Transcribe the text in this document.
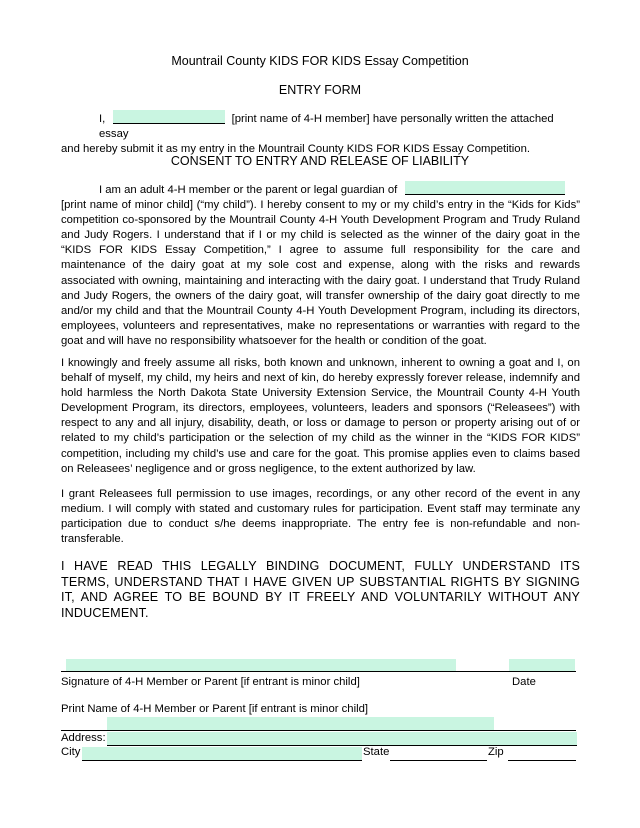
Mountrail County KIDS FOR KIDS Essay Competition
ENTRY FORM
I,	[print name of 4-H member] have personally written the attached essay
and hereby submit it as my entry in the Mountrail County KIDS FOR KIDS Essay Competition.
CONSENT TO ENTRY AND RELEASE OF LIABILITY
I am an adult 4-H member or the parent or legal guardian of
[print name of minor child] (“my child”). I hereby consent to my or my child’s entry in the “Kids for Kids” competition co-sponsored by the Mountrail County 4-H Youth Development Program and Trudy Ruland and Judy Rogers. I understand that if I or my child is selected as the winner of the dairy goat in the “KIDS FOR KIDS Essay Competition,” I agree to assume full responsibility for the care and maintenance of the dairy goat at my sole cost and expense, along with the risks and rewards associated with owning, maintaining and interacting with the dairy goat. I understand that Trudy Ruland and Judy Rogers, the owners of the dairy goat, will transfer ownership of the dairy goat directly to me and/or my child and that the Mountrail County 4-H Youth Development Program, including its directors, employees, volunteers and representatives, make no representations or warranties with regard to the goat and will have no responsibility whatsoever for the health or condition of the goat.
I knowingly and freely assume all risks, both known and unknown, inherent to owning a goat and I, on behalf of myself, my child, my heirs and next of kin, do hereby expressly forever release, indemnify and hold harmless the North Dakota State University Extension Service, the Mountrail County 4-H Youth Development Program, its directors, employees, volunteers, leaders and sponsors (“Releasees”) with respect to any and all injury, disability, death, or loss or damage to person or property arising out of or related to my child’s participation or the selection of my child as the winner in the “KIDS FOR KIDS” competition, including my child’s use and care for the goat. This promise applies even to claims based on Releasees’ negligence and or gross negligence, to the extent authorized by law.
I grant Releasees full permission to use images, recordings, or any other record of the event in any medium. I will comply with stated and customary rules for participation. Event staff may terminate any participation due to conduct s/he deems inappropriate. The entry fee is non-refundable and non-transferable.
I HAVE READ THIS LEGALLY BINDING DOCUMENT, FULLY UNDERSTAND ITS TERMS, UNDERSTAND THAT I HAVE GIVEN UP SUBSTANTIAL RIGHTS BY SIGNING IT, AND AGREE TO BE BOUND BY IT FREELY AND VOLUNTARILY WITHOUT ANY INDUCEMENT.
Signature of 4-H Member or Parent [if entrant is minor child]	Date
Print Name of 4-H Member or Parent [if entrant is minor child]
Address:
City	State	Zip
